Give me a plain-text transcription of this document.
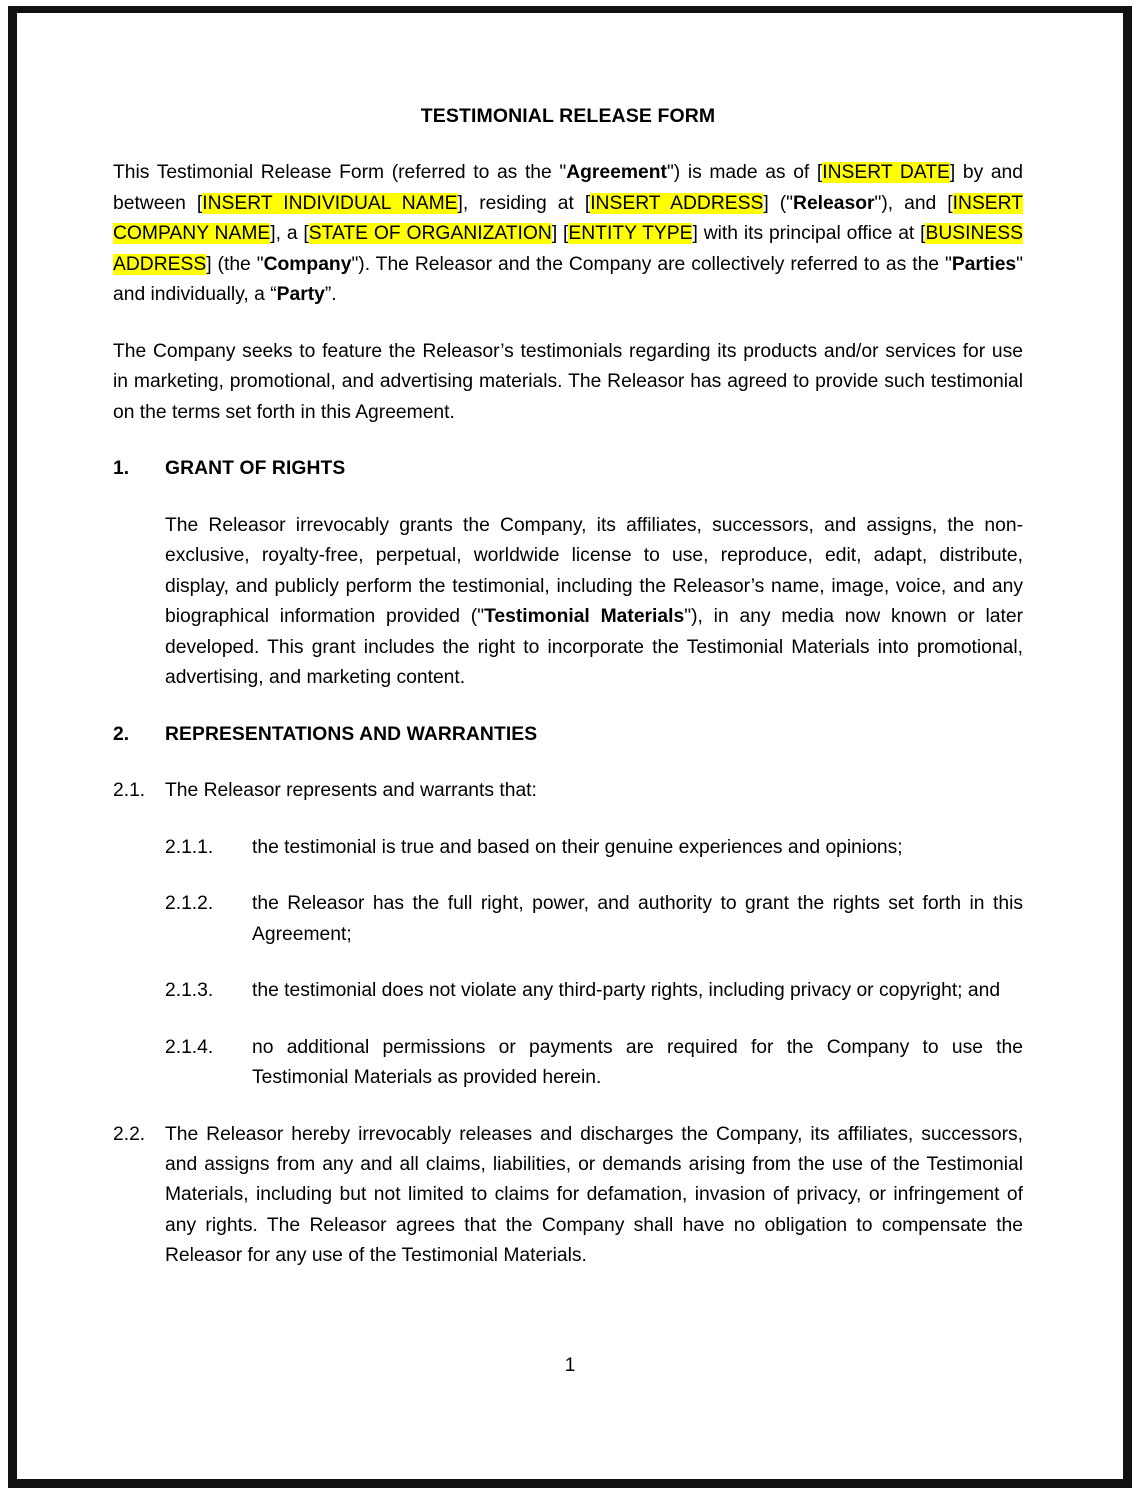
TESTIMONIAL RELEASE FORM

This Testimonial Release Form (referred to as the "Agreement") is made as of [INSERT DATE] by and between [INSERT INDIVIDUAL NAME], residing at [INSERT ADDRESS] ("Releasor"), and [INSERT COMPANY NAME], a [STATE OF ORGANIZATION] [ENTITY TYPE] with its principal office at [BUSINESS ADDRESS] (the "Company"). The Releasor and the Company are collectively referred to as the "Parties" and individually, a “Party”.

The Company seeks to feature the Releasor’s testimonials regarding its products and/or services for use in marketing, promotional, and advertising materials. The Releasor has agreed to provide such testimonial on the terms set forth in this Agreement.

1.	GRANT OF RIGHTS
The Releasor irrevocably grants the Company, its affiliates, successors, and assigns, the non-exclusive, royalty-free, perpetual, worldwide license to use, reproduce, edit, adapt, distribute, display, and publicly perform the testimonial, including the Releasor’s name, image, voice, and any biographical information provided ("Testimonial Materials"), in any media now known or later developed. This grant includes the right to incorporate the Testimonial Materials into promotional, advertising, and marketing content.
2.	REPRESENTATIONS AND WARRANTIES
2.1.	The Releasor represents and warrants that:
2.1.1.	the testimonial is true and based on their genuine experiences and opinions;
2.1.2.	the Releasor has the full right, power, and authority to grant the rights set forth in this Agreement;
2.1.3.	the testimonial does not violate any third-party rights, including privacy or copyright; and
2.1.4.	no additional permissions or payments are required for the Company to use the Testimonial Materials as provided herein.
2.2.	The Releasor hereby irrevocably releases and discharges the Company, its affiliates, successors, and assigns from any and all claims, liabilities, or demands arising from the use of the Testimonial Materials, including but not limited to claims for defamation, invasion of privacy, or infringement of any rights. The Releasor agrees that the Company shall have no obligation to compensate the Releasor for any use of the Testimonial Materials.
1
